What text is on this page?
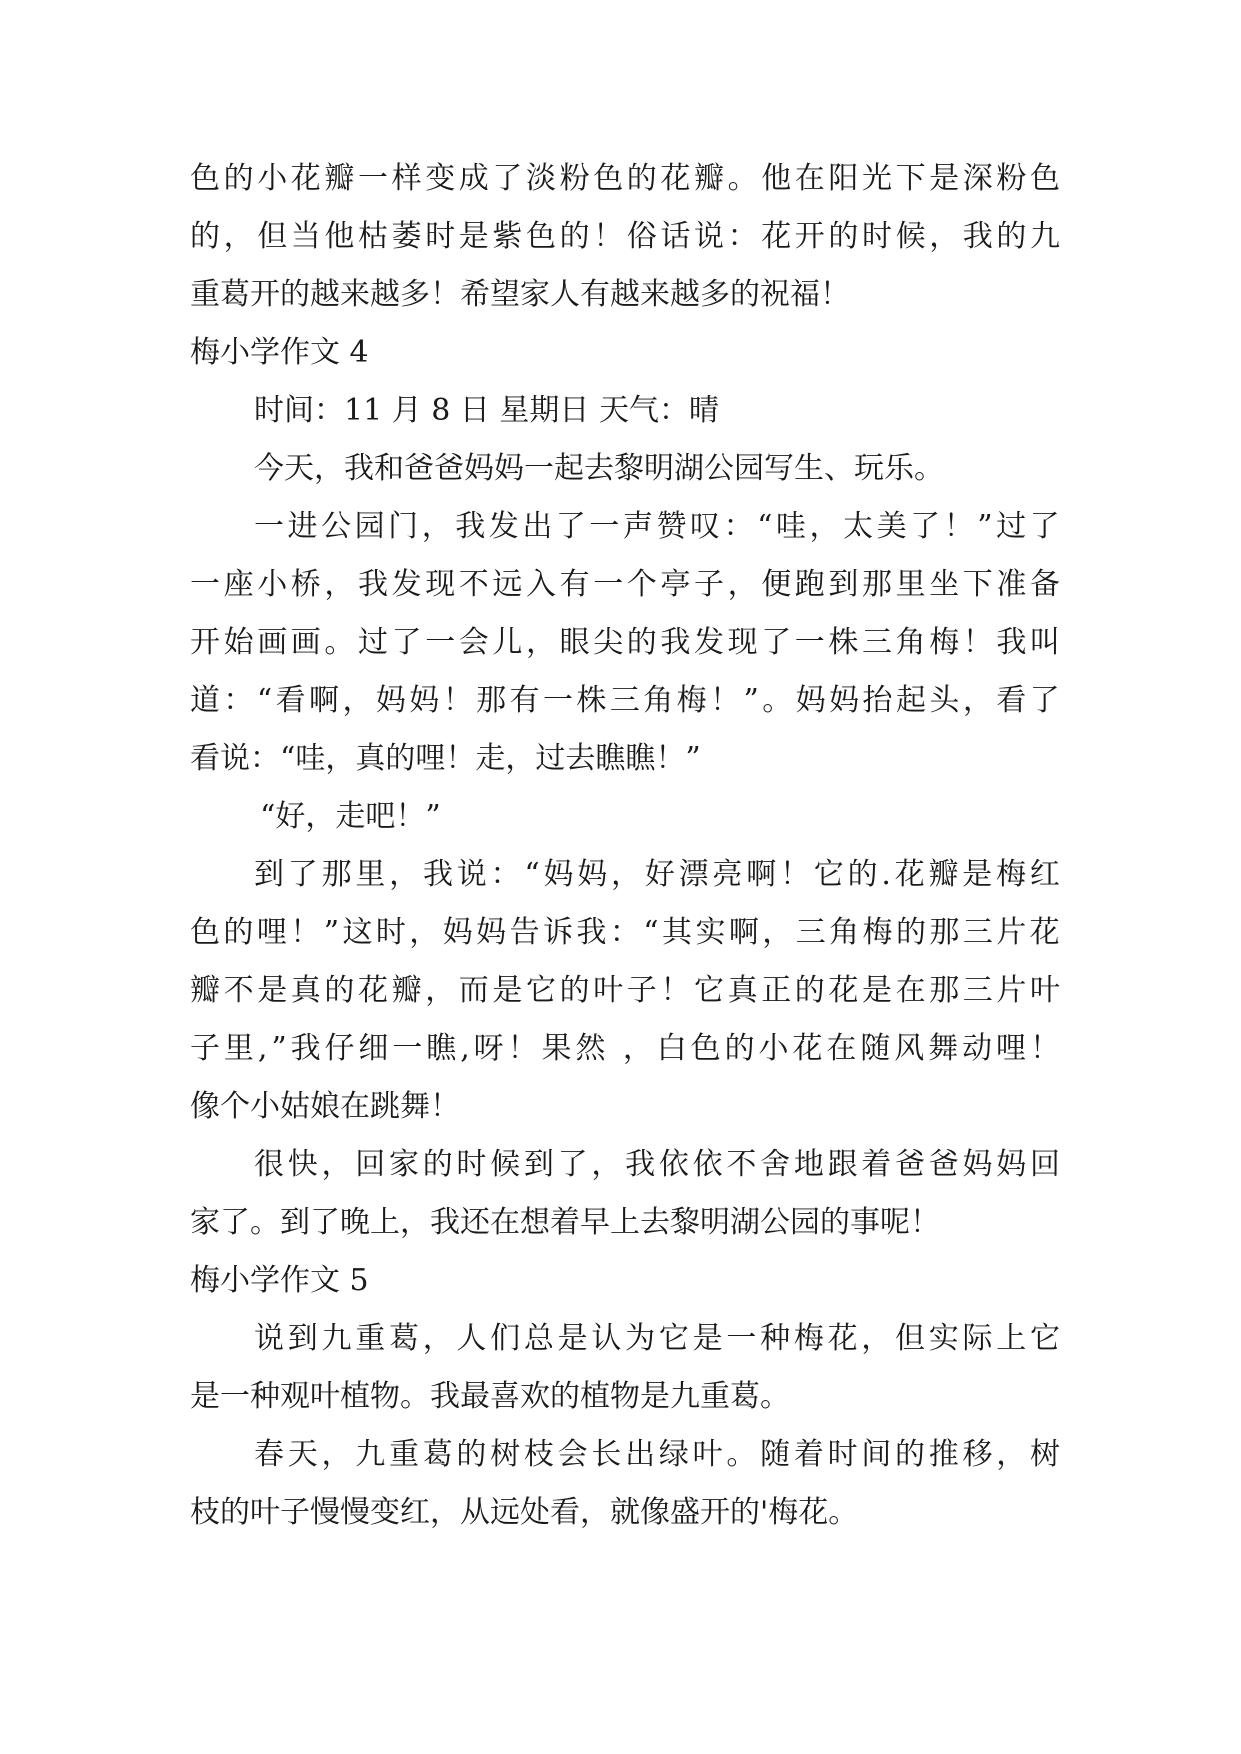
色的小花瓣一样变成了淡粉色的花瓣。他在阳光下是深粉色
的，但当他枯萎时是紫色的！俗话说：花开的时候，我的九
重葛开的越来越多！希望家人有越来越多的祝福！
梅小学作文 4
时间：11 月 8 日 星期日 天气：晴
今天，我和爸爸妈妈一起去黎明湖公园写生、玩乐。
一进公园门，我发出了一声赞叹：“哇，太美了！”过了
一座小桥，我发现不远入有一个亭子，便跑到那里坐下准备
开始画画。过了一会儿，眼尖的我发现了一株三角梅！我叫
道：“看啊，妈妈！那有一株三角梅！”。妈妈抬起头，看了
看说：“哇，真的哩！走，过去瞧瞧！”
“好，走吧！”
到了那里，我说：“妈妈，好漂亮啊！它的.花瓣是梅红
色的哩！”这时，妈妈告诉我：“其实啊，三角梅的那三片花
瓣不是真的花瓣，而是它的叶子！它真正的花是在那三片叶
子里,”我仔细一瞧,呀！果然 ，白色的小花在随风舞动哩！
像个小姑娘在跳舞！
很快，回家的时候到了，我依依不舍地跟着爸爸妈妈回
家了。到了晚上，我还在想着早上去黎明湖公园的事呢！
梅小学作文 5
说到九重葛，人们总是认为它是一种梅花，但实际上它
是一种观叶植物。我最喜欢的植物是九重葛。
春天，九重葛的树枝会长出绿叶。随着时间的推移，树
枝的叶子慢慢变红，从远处看，就像盛开的'梅花。
